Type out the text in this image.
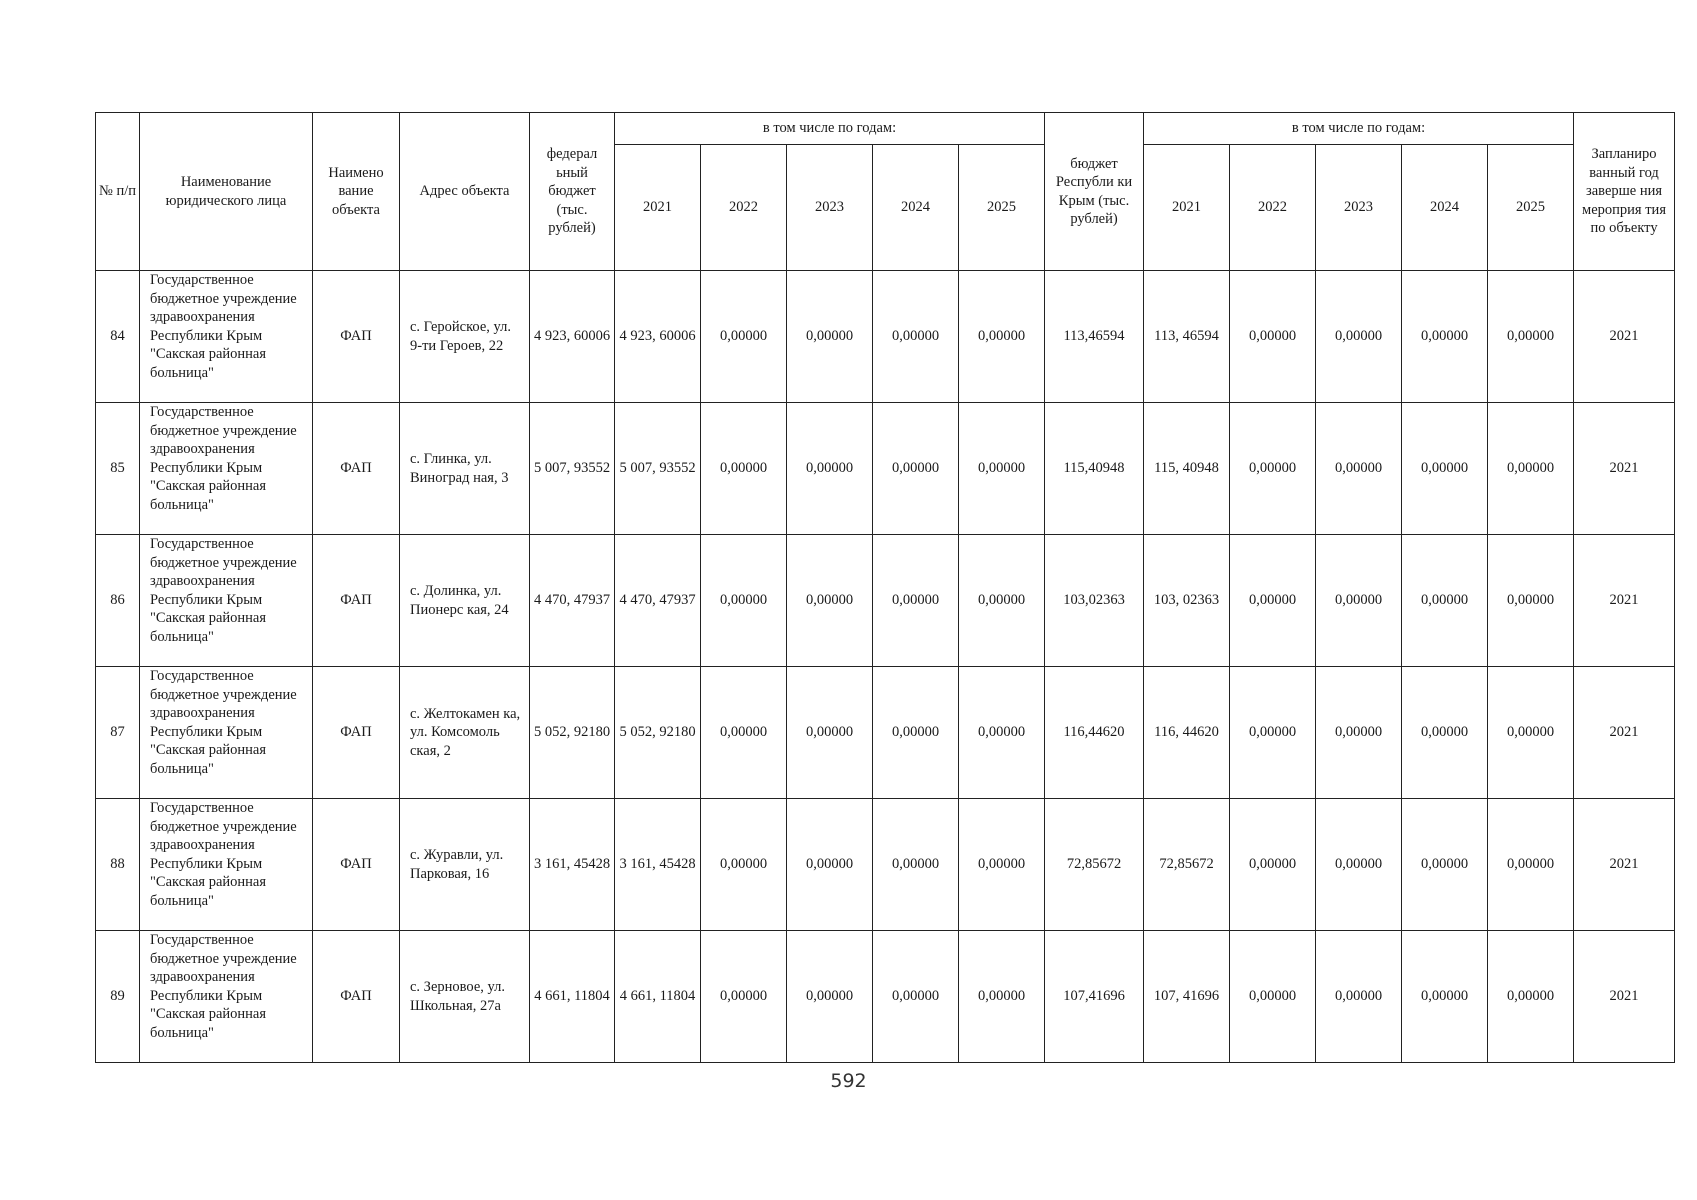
№ п/п	Наименование юридического лица	Наимено вание объекта	Адрес объекта	федерал ьный бюджет (тыс. рублей)	в том числе по годам:					бюджет Республи ки Крым (тыс. рублей)	в том числе по годам:					Запланиро ванный год заверше ния мероприя тия по объекту
					2021	2022	2023	2024	2025		2021	2022	2023	2024	2025	
84	Государственное бюджетное учреждение здравоохранения Республики Крым "Сакская районная больница"	ФАП	с. Геройское, ул. 9-ти Героев, 22	4 923, 60006	4 923, 60006	0,00000	0,00000	0,00000	0,00000	113,46594	113, 46594	0,00000	0,00000	0,00000	0,00000	2021
85	Государственное бюджетное учреждение здравоохранения Республики Крым "Сакская районная больница"	ФАП	с. Глинка, ул. Виноград ная, 3	5 007, 93552	5 007, 93552	0,00000	0,00000	0,00000	0,00000	115,40948	115, 40948	0,00000	0,00000	0,00000	0,00000	2021
86	Государственное бюджетное учреждение здравоохранения Республики Крым "Сакская районная больница"	ФАП	с. Долинка, ул. Пионерс кая, 24	4 470, 47937	4 470, 47937	0,00000	0,00000	0,00000	0,00000	103,02363	103, 02363	0,00000	0,00000	0,00000	0,00000	2021
87	Государственное бюджетное учреждение здравоохранения Республики Крым "Сакская районная больница"	ФАП	с. Желтокамен ка, ул. Комсомоль ская, 2	5 052, 92180	5 052, 92180	0,00000	0,00000	0,00000	0,00000	116,44620	116, 44620	0,00000	0,00000	0,00000	0,00000	2021
88	Государственное бюджетное учреждение здравоохранения Республики Крым "Сакская районная больница"	ФАП	с. Журавли, ул. Парковая, 16	3 161, 45428	3 161, 45428	0,00000	0,00000	0,00000	0,00000	72,85672	72,85672	0,00000	0,00000	0,00000	0,00000	2021
89	Государственное бюджетное учреждение здравоохранения Республики Крым "Сакская районная больница"	ФАП	с. Зерновое, ул. Школьная, 27а	4 661, 11804	4 661, 11804	0,00000	0,00000	0,00000	0,00000	107,41696	107, 41696	0,00000	0,00000	0,00000	0,00000	2021
592
